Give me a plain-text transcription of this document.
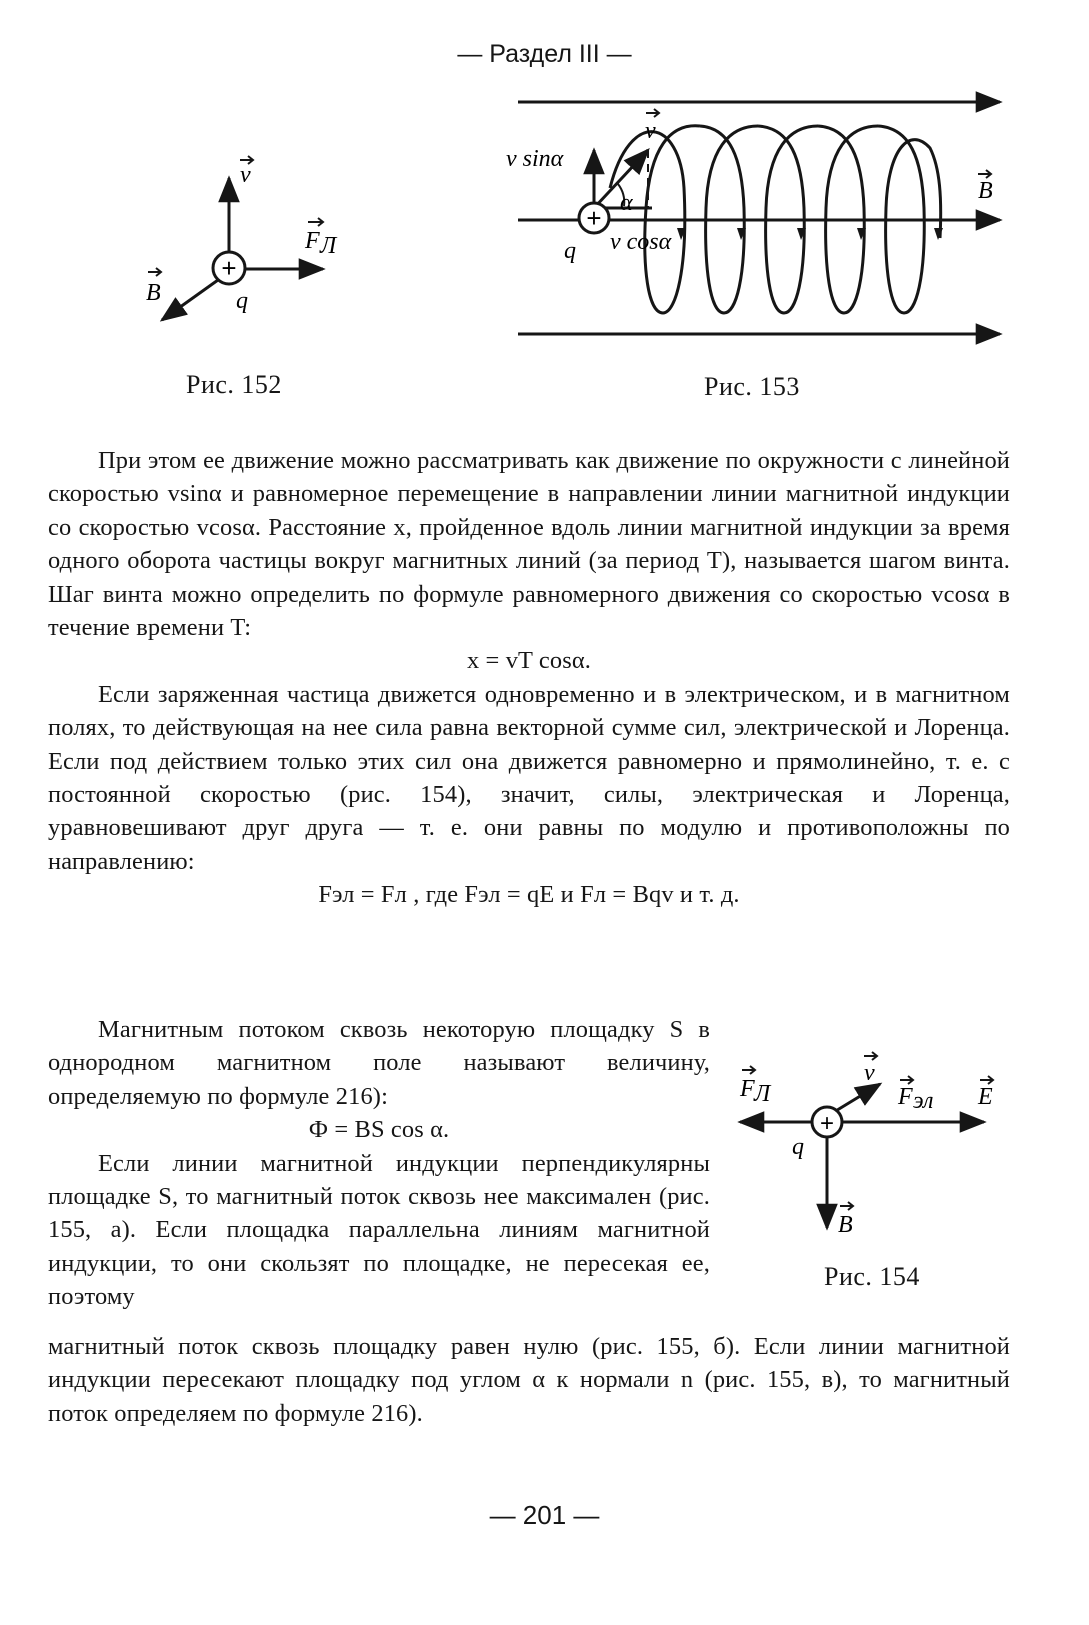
— Раздел III —
+
v
F Л
B	q
Рис. 152
+
v sinα
v
α
v cosα
B
q
Рис. 153

При этом ее движение можно рассматривать как движение по окружности с линейной скоростью vsinα и равномерное перемещение в направлении линии магнитной индукции со скоростью vcosα. Расстояние x, пройденное вдоль линии магнитной индукции за время одного оборота частицы вокруг магнитных линий (за период T), называется шагом винта. Шаг винта можно определить по формуле равномерного движения со скоростью vcosα в течение времени T:

x = vT cosα.

Если заряженная частица движется одновременно и в электрическом, и в магнитном полях, то действующая на нее сила равна векторной сумме сил, электрической и Лоренца. Если под действием только этих сил она движется равномерно и прямолинейно, т. е. с постоянной скоростью (рис. 154), значит, силы, электрическая и Лоренца, уравновешивают друг друга — т. е. они равны по модулю и противоположны по направлению:

Fэл = Fл , где Fэл = qE и Fл = Bqv и т. д.

Магнитным потоком сквозь некоторую площадку S в однородном магнитном поле называют величину, определяемую по формуле 216):

Ф = BS cos α.

Если линии магнитной индукции перпендикулярны площадке S, то магнитный поток сквозь нее максимален (рис. 155, а). Если площадка параллельна линиям магнитной индукции, то они скользят по площадке, не пересекая ее, поэтому

магнитный поток сквозь площадку равен нулю (рис. 155, б). Если линии магнитной индукции пересекают площадку под углом α к нормали n (рис. 155, в), то магнитный поток определяем по формуле 216).

+
F Л
v
F эл E
q
B
Рис. 154
— 201 —
